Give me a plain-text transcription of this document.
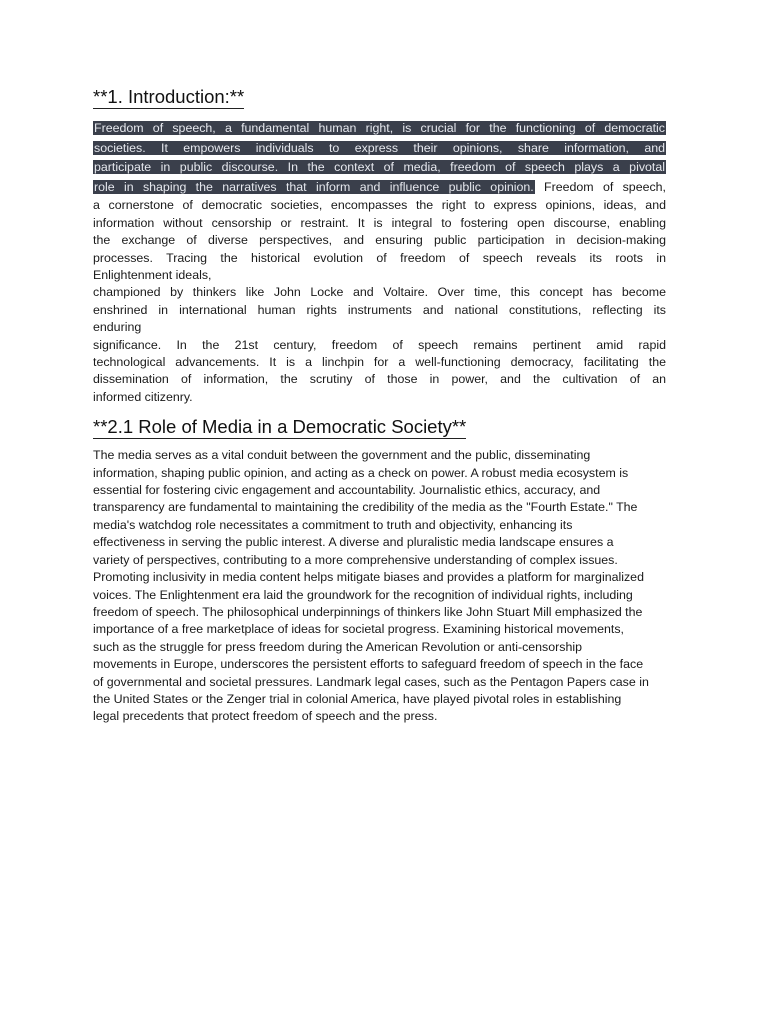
**1. Introduction:**
Freedom of speech, a fundamental human right, is crucial for the functioning of democratic
societies. It empowers individuals to express their opinions, share information, and
participate in public discourse. In the context of media, freedom of speech plays a pivotal
role in shaping the narratives that inform and influence public opinion. Freedom of speech,
a cornerstone of democratic societies, encompasses the right to express opinions, ideas, and
information without censorship or restraint. It is integral to fostering open discourse, enabling
the exchange of diverse perspectives, and ensuring public participation in decision-making
processes. Tracing the historical evolution of freedom of speech reveals its roots in
Enlightenment ideals,
championed by thinkers like John Locke and Voltaire. Over time, this concept has become
enshrined in international human rights instruments and national constitutions, reflecting its
enduring
significance. In the 21st century, freedom of speech remains pertinent amid rapid
technological advancements. It is a linchpin for a well-functioning democracy, facilitating the
dissemination of information, the scrutiny of those in power, and the cultivation of an
informed citizenry.
**2.1 Role of Media in a Democratic Society**
The media serves as a vital conduit between the government and the public, disseminating
information, shaping public opinion, and acting as a check on power. A robust media ecosystem is
essential for fostering civic engagement and accountability. Journalistic ethics, accuracy, and
transparency are fundamental to maintaining the credibility of the media as the "Fourth Estate." The
media's watchdog role necessitates a commitment to truth and objectivity, enhancing its
effectiveness in serving the public interest. A diverse and pluralistic media landscape ensures a
variety of perspectives, contributing to a more comprehensive understanding of complex issues.
Promoting inclusivity in media content helps mitigate biases and provides a platform for marginalized
voices. The Enlightenment era laid the groundwork for the recognition of individual rights, including
freedom of speech. The philosophical underpinnings of thinkers like John Stuart Mill emphasized the
importance of a free marketplace of ideas for societal progress. Examining historical movements,
such as the struggle for press freedom during the American Revolution or anti-censorship
movements in Europe, underscores the persistent efforts to safeguard freedom of speech in the face
of governmental and societal pressures. Landmark legal cases, such as the Pentagon Papers case in
the United States or the Zenger trial in colonial America, have played pivotal roles in establishing
legal precedents that protect freedom of speech and the press.
